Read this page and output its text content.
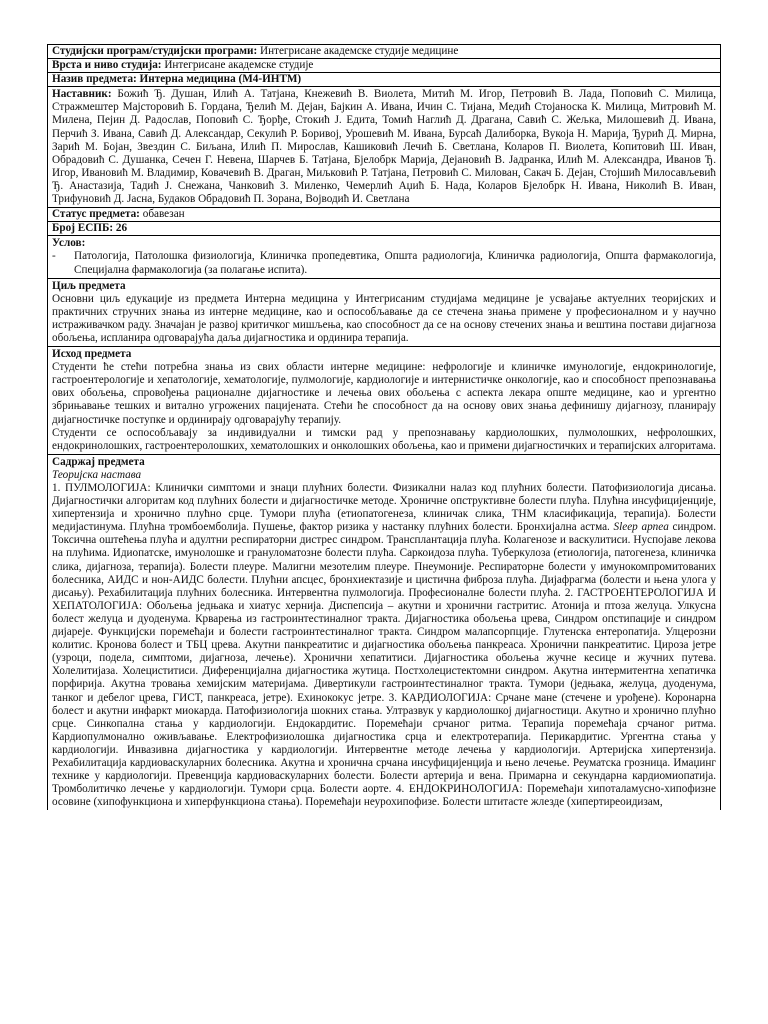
Студијски програм/студијски програми: Интегрисане академске студије медицине
Врста и ниво студија: Интегрисане академске студије
Назив предмета: Интерна медицина (М4-ИНТМ)
Наставник: Божић Ђ. Душан, Илић А. Татјана, Кнежевић В. Виолета, Митић М. Игор, Петровић В. Лада, Поповић С. Милица, Стражмештер Мајсторовић Б. Гордана, Ђелић М. Дејан, Бајкин А. Ивана, Ичин С. Тијана, Медић Стојаноска К. Милица, Митровић М. Милена, Пејин Д. Радослав, Поповић С. Ђорђе, Стокић Ј. Едита, Томић Наглић Д. Драгана, Савић С. Жељка, Милошевић Д. Ивана, Перчић З. Ивана, Савић Д. Александар, Секулић Р. Боривој, Урошевић М. Ивана, Бурсаћ Далиборка, Вукоја Н. Марија, Ђурић Д. Мирна, Зарић М. Бојан, Звездин С. Биљана, Илић П. Мирослав, Кашиковић Лечић Б. Светлана, Коларов П. Виолета, Копитовић Ш. Иван, Обрадовић С. Душанка, Сечен Г. Невена, Шарчев Б. Татјана, Бјелобрк Марија, Дејановић В. Јадранка, Илић М. Александра, Иванов Ђ. Игор, Ивановић М. Владимир, Ковачевић В. Драган, Миљковић Р. Татјана, Петровић С. Милован, Сакач Б. Дејан, Стојшић Милосављевић Ђ. Анастазија, Тадић Ј. Снежана, Чанковић З. Миленко, Чемерлић Аџић Б. Нада, Коларов Бјелобрк Н. Ивана, Николић В. Иван, Трифуновић Д. Јасна, Будаков Обрадовић П. Зорана, Војводић И. Светлана
Статус предмета: обавезан
Број ЕСПБ: 26
Услов:
-	Патологија, Патолошка физиологија, Клиничка пропедевтика, Општа радиологија, Клиничка радиологија, Општа фармакологија, Специјална фармакологија (за полагање испита).
Циљ предмета

Основни циљ едукације из предмета Интерна медицина у Интегрисаним студијама медицине је усвајање актуелних теоријских и практичних стручних знања из интерне медицине, као и оспособљавање да се стечена знања примене у професионалном и у научно истраживачком раду. Значајан је развој критичког мишљења, као способност да се на основу стечених знања и вештина постави дијагноза обољења, испланира одговарајућа даља дијагностика и ординира терапија.

Исход предмета

Студенти ће стећи потребна знања из свих области интерне медицине: нефрологије и клиничке имунологије, ендокринологије, гастроентерологије и хепатологије, хематологије, пулмологије, кардиологије и интернистичке онкологије, као и способност препознавања ових обољења, спровођења рационалне дијагностике и лечења ових обољења с аспекта лекара опште медицине, као и ургентно збрињавање тешких и витално угрожених пацијената. Стећи ће способност да на основу ових знања дефинишу дијагнозу, планирају дијагностичке поступке и ординирају одговарајућу терапију.

Студенти се оспособљавају за индивидуални и тимски рад у препознавању кардиолошких, пулмолошких, нефролошких, ендокринолошких, гастроентеролошких, хематолошких и онколошких обољења, као и примени дијагностичких и терапијских алгоритама.

Садржај предмета
Теоријска настава

1. ПУЛМОЛОГИЈА: Клинички симптоми и знаци плућних болести. Физикални налаз код плућних болести. Патофизиологија дисања. Дијагностички алгоритам код плућних болести и дијагностичке методе. Хроничне опструктивне болести плућа. Плућна инсуфицијенције, хипертензија и хронично плућно срце. Тумори плућа (етиопатогенеза, клиничак слика, ТНМ класификација, терапија). Болести медијастинума. Плућна тромбоемболија. Пушење, фактор ризика у настанку плућних болести. Бронхијална астма. Sleep apnea синдром. Токсична оштећења плућа и адултни респираторни дистрес синдром. Трансплантација плућа. Колагенозе и васкулитиси. Нуспојаве лекова на плућима. Идиопатске, имунолошке и грануломатозне болести плућа. Саркоидоза плућа. Туберкулоза (етиологија, патогенеза, клиничка слика, дијагноза, терапија). Болести плеуре. Малигни мезотелим плеуре. Пнеумоније. Респираторне болести у имунокомпромитованих болесника, АИДС и нон-АИДС болести. Плућни апсцес, бронхиектазије и цистична фиброза плућа. Дијафрагма (болести и њена улога у дисању). Рехабилитација плућних болесника. Интервентна пулмологија. Професионалне болести плућа. 2. ГАСТРОЕНТЕРОЛОГИЈА И ХЕПАТОЛОГИЈА: Обољења једњака и хиатус хернија. Диспепсија – акутни и хронични гастритис. Атонија и птоза желуца. Улкусна болест желуца и дуоденума. Крварења из гастроинтестиналног тракта. Дијагностика обољења црева, Синдром опстипације и синдром дијареје. Функцијски поремећаји и болести гастроинтестиналног тракта. Синдром малапсорпције. Глутенска ентеропатија. Улцерозни колитис. Кронова болест и ТБЦ црева. Акутни панкреатитис и дијагностика обољења панкреаса. Хронични панкреатитис. Цироза јетре (узроци, подела, симптоми, дијагноза, лечење). Хронични хепатитиси. Дијагностика обољења жучне кесице и жучних путева. Холелитијаза. Холециститиси. Диференцијална дијагностика жутица. Постхолецистектомни синдром. Акутна интермитентна хепатичка порфирија. Акутна тровања хемијским материјама. Дивертикули гастроинтестиналног тракта. Тумори (једњака, желуца, дуоденума, танког и дебелог црева, ГИСТ, панкреаса, јетре). Ехинококус јетре. 3. КАРДИОЛОГИЈА: Срчане мане (стечене и урођене). Коронарна болест и акутни инфаркт миокарда. Патофизиологија шокних стања. Ултразвук у кардиолошкој дијагностици. Акутно и хронично плућно срце. Синкопална стања у кардиологији. Ендокардитис. Поремећаји срчаног ритма. Терапија поремећаја срчаног ритма. Кардиопулмонално оживљавање. Електрофизиолошка дијагностика срца и електротерапија. Перикардитис. Ургентна стања у кардиологији. Инвазивна дијагностика у кардиологији. Интервентне методе лечења у кардиологији. Артеријска хипертензија. Рехабилитација кардиоваскуларних болесника. Акутна и хронична срчана инсуфицијенција и њено лечење. Реуматска грозница. Имаџинг технике у кардиологији. Превенција кардиоваскуларних болести. Болести артерија и вена. Примарна и секундарна кардиомиопатија. Тромболитичко лечење у кардиологији. Тумори срца. Болести аорте. 4. ЕНДОКРИНОЛОГИЈА: Поремећаји хипоталамусно-хипофизне осовине (хипофункциона и хиперфункциона стања). Поремећаји неурохипофизе. Болести штитасте жлезде (хипертиреоидизам,
